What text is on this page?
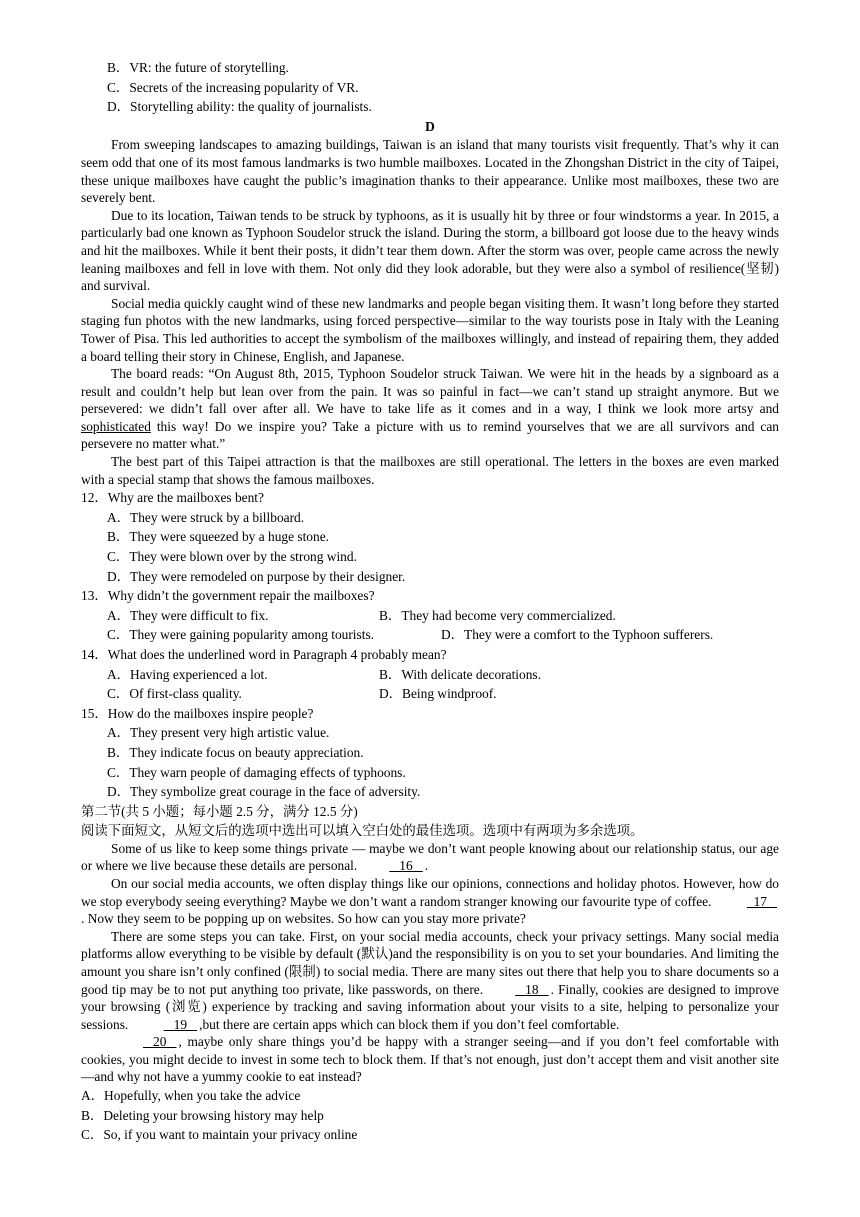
B．VR: the future of storytelling.
C．Secrets of the increasing popularity of VR.
D．Storytelling ability: the quality of journalists.
D

From sweeping landscapes to amazing buildings, Taiwan is an island that many tourists visit frequently. That’s why it can seem odd that one of its most famous landmarks is two humble mailboxes. Located in the Zhongshan District in the city of Taipei, these unique mailboxes have caught the public’s imagination thanks to their appearance. Unlike most mailboxes, these two are severely bent.

Due to its location, Taiwan tends to be struck by typhoons, as it is usually hit by three or four windstorms a year. In 2015, a particularly bad one known as Typhoon Soudelor struck the island. During the storm, a billboard got loose due to the heavy winds and hit the mailboxes. While it bent their posts, it didn’t tear them down. After the storm was over, people came across the newly leaning mailboxes and fell in love with them. Not only did they look adorable, but they were also a symbol of resilience(坚韧) and survival.

Social media quickly caught wind of these new landmarks and people began visiting them. It wasn’t long before they started staging fun photos with the new landmarks, using forced perspective—similar to the way tourists pose in Italy with the Leaning Tower of Pisa. This led authorities to accept the symbolism of the mailboxes willingly, and instead of repairing them, they added a board telling their story in Chinese, English, and Japanese.

The board reads: “On August 8th, 2015, Typhoon Soudelor struck Taiwan. We were hit in the heads by a signboard as a result and couldn’t help but lean over from the pain. It was so painful in fact—we can’t stand up straight anymore. But we persevered: we didn’t fall over after all. We have to take life as it comes and in a way, I think we look more artsy and sophisticated this way! Do we inspire you? Take a picture with us to remind yourselves that we are all survivors and can persevere no matter what.”

The best part of this Taipei attraction is that the mailboxes are still operational. The letters in the boxes are even marked with a special stamp that shows the famous mailboxes.

12．Why are the mailboxes bent?
A．They were struck by a billboard.
B．They were squeezed by a huge stone.
C．They were blown over by the strong wind.
D．They were remodeled on purpose by their designer.
13．Why didn’t the government repair the mailboxes?
A．They were difficult to fix.	B．They had become very commercialized.
C．They were gaining popularity among tourists.	D．They were a comfort to the Typhoon sufferers.
14．What does the underlined word in Paragraph 4 probably mean?
A．Having experienced a lot.	B．With delicate decorations.
C．Of first-class quality.	D．Being windproof.
15．How do the mailboxes inspire people?
A．They present very high artistic value.
B．They indicate focus on beauty appreciation.
C．They warn people of damaging effects of typhoons.
D．They symbolize great courage in the face of adversity.
第二节(共 5 小题；每小题 2.5 分，满分 12.5 分)
阅读下面短文，从短文后的选项中选出可以填入空白处的最佳选项。选项中有两项为多余选项。

Some of us like to keep some things private — maybe we don’t want people knowing about our relationship status, our age or where we live because these details are personal.	16 .

On our social media accounts, we often display things like our opinions, connections and holiday photos. However, how do we stop everybody seeing everything? Maybe we don’t want a random stranger knowing our favourite type of coffee.	17   . Now they seem to be popping up on websites. So how can you stay more private?

There are some steps you can take. First, on your social media accounts, check your privacy settings. Many social media platforms allow everything to be visible by default (默认)and the responsibility is on you to set your boundaries. And limiting the amount you share isn’t only confined (限制) to social media. There are many sites out there that help you to share documents so a good tip may be to not put anything too private, like passwords, on there.	18 . Finally, cookies are designed to improve your browsing (浏览) experience by tracking and saving information about your visits to a site, helping to personalize your sessions.	19 ,but there are certain apps which can block them if you don’t feel comfortable.

20 , maybe only share things you’d be happy with a stranger seeing—and if you don’t feel comfortable with cookies, you might decide to invest in some tech to block them. If that’s not enough, just don’t accept them and visit another site—and why not have a yummy cookie to eat instead?

A．Hopefully, when you take the advice
B．Deleting your browsing history may help
C．So, if you want to maintain your privacy online
